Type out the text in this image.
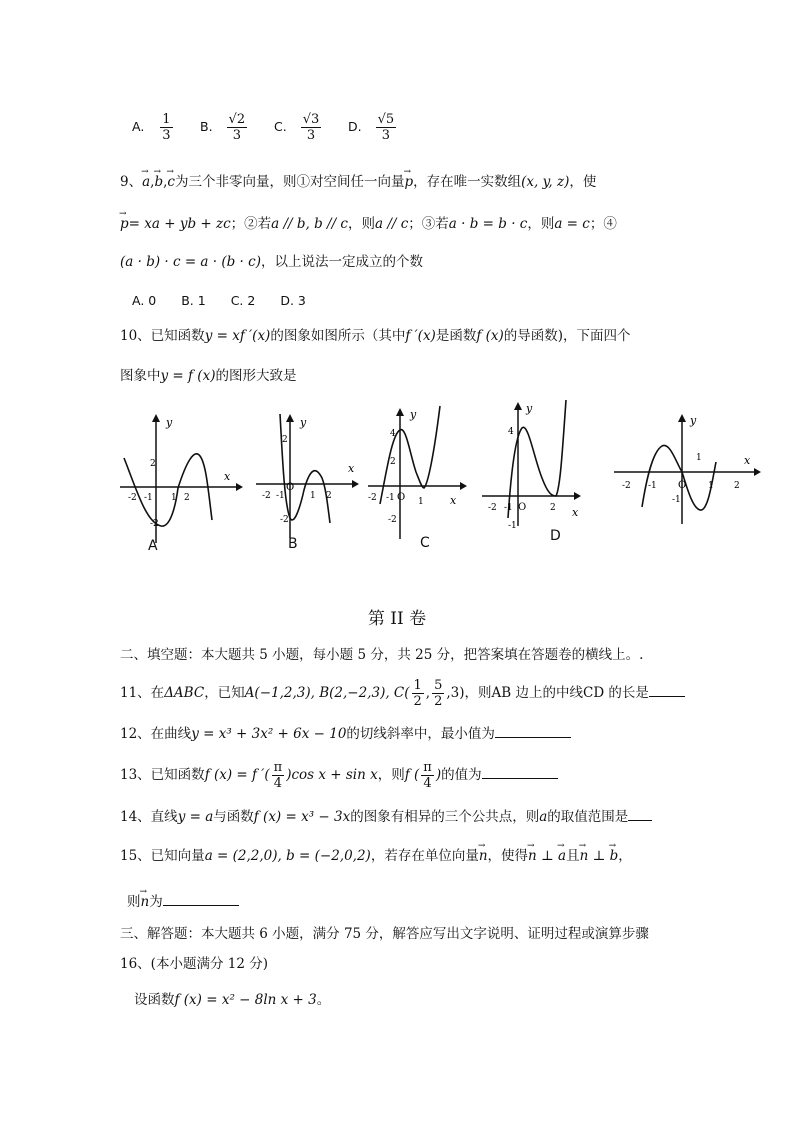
A. $\frac{1}{3} B$. $\frac{√2}{3} C$. $\frac{√3}{3} D$. $\frac{√5}{3}$
9、→ a,→ b,→ c为三个非零向量，则①对空间任一向量→ p，存在唯一实数组(x, y, z)，使
→ p= xa + yb + zc；②若a // b, b // c，则a // c；③若a · b = b · c，则a = c；④
(a · b) · c = a · (b · c)，以上说法一定成立的个数
A. 0　　B. 1　　C. 2　　D. 3
10、已知函数y = xf ′(x)的图象如图所示（其中f ′(x)是函数f (x)的导函数)，下面四个
图象中y = f (x)的图形大致是
y
x
-2 -1 1 2
2
-2
A
y
x
-2 -1
O
1 2
2
-2
B
y
x
-2 -1 O 1
4
2
-2
C
y
x
-2 -1 O	2
4
-1
D
y
x
-2 -1 O 1 2
1
-1
第 II 卷
二、填空题：本大题共 5 小题，每小题 5 分，共 25 分，把答案填在答题卷的横线上。.
11、在ΔABC，已知A(−1,2,3), B(2,−2,3), $C( \frac{1}{2}$ , $\frac{5}{2} ,3$)，则AB 边上的中线CD 的长是
12、在曲线y = x³ + 3x² + 6x − 10的切线斜率中，最小值为
13、已知函数f (x) = f ′( $\frac{\pi}{4} )\cos$ x + sin x，则f ( $\frac{\pi}{4}$ )的值为
14、直线y = a与函数f (x) = x³ − 3x的图象有相异的三个公共点，则a的取值范围是
15、已知向量a = (2,2,0), b = (−2,0,2)，若存在单位向量→ n，使得→ n ⊥ → a且→ n ⊥ → b，
则→ n为
三、解答题：本大题共 6 小题，满分 75 分，解答应写出文字说明、证明过程或演算步骤
16、(本小题满分 12 分)
设函数f (x) = x² − 8ln x + 3。
